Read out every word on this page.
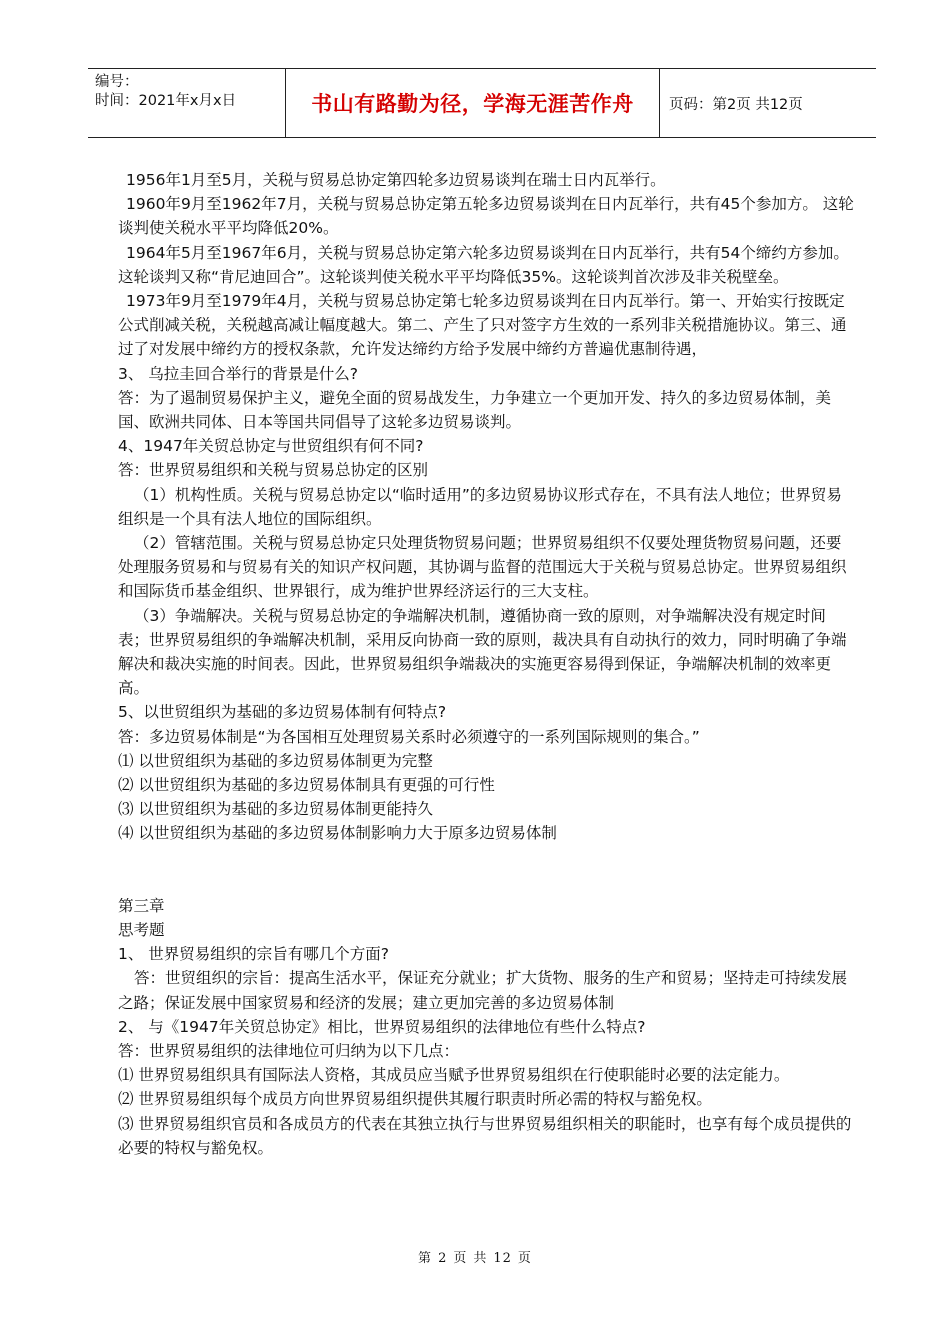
编号：
时间：2021年x月x日	书山有路勤为径，学海无涯苦作舟	页码：第2页 共12页

1956年1月至5月，关税与贸易总协定第四轮多边贸易谈判在瑞士日内瓦举行。

1960年9月至1962年7月，关税与贸易总协定第五轮多边贸易谈判在日内瓦举行，共有45个参加方。 这轮谈判使关税水平平均降低20%。

1964年5月至1967年6月，关税与贸易总协定第六轮多边贸易谈判在日内瓦举行，共有54个缔约方参加。这轮谈判又称“肯尼迪回合”。这轮谈判使关税水平平均降低35%。这轮谈判首次涉及非关税壁垒。

1973年9月至1979年4月，关税与贸易总协定第七轮多边贸易谈判在日内瓦举行。第一、开始实行按既定公式削减关税，关税越高减让幅度越大。第二、产生了只对签字方生效的一系列非关税措施协议。第三、通过了对发展中缔约方的授权条款，允许发达缔约方给予发展中缔约方普遍优惠制待遇，

3、 乌拉圭回合举行的背景是什么?

答：为了遏制贸易保护主义，避免全面的贸易战发生，力争建立一个更加开发、持久的多边贸易体制，美国、欧洲共同体、日本等国共同倡导了这轮多边贸易谈判。

4、1947年关贸总协定与世贸组织有何不同?

答：世界贸易组织和关税与贸易总协定的区别

（1）机构性质。关税与贸易总协定以“临时适用”的多边贸易协议形式存在，不具有法人地位；世界贸易组织是一个具有法人地位的国际组织。

（2）管辖范围。关税与贸易总协定只处理货物贸易问题；世界贸易组织不仅要处理货物贸易问题，还要处理服务贸易和与贸易有关的知识产权问题，其协调与监督的范围远大于关税与贸易总协定。世界贸易组织和国际货币基金组织、世界银行，成为维护世界经济运行的三大支柱。

（3）争端解决。关税与贸易总协定的争端解决机制，遵循协商一致的原则，对争端解决没有规定时间表；世界贸易组织的争端解决机制，采用反向协商一致的原则，裁决具有自动执行的效力，同时明确了争端解决和裁决实施的时间表。因此，世界贸易组织争端裁决的实施更容易得到保证，争端解决机制的效率更高。

5、以世贸组织为基础的多边贸易体制有何特点?

答：多边贸易体制是“为各国相互处理贸易关系时必须遵守的一系列国际规则的集合。”

⑴ 以世贸组织为基础的多边贸易体制更为完整

⑵ 以世贸组织为基础的多边贸易体制具有更强的可行性

⑶ 以世贸组织为基础的多边贸易体制更能持久

⑷ 以世贸组织为基础的多边贸易体制影响力大于原多边贸易体制

第三章

思考题

1、 世界贸易组织的宗旨有哪几个方面?

答：世贸组织的宗旨：提高生活水平，保证充分就业；扩大货物、服务的生产和贸易；坚持走可持续发展之路；保证发展中国家贸易和经济的发展；建立更加完善的多边贸易体制

2、 与《1947年关贸总协定》相比，世界贸易组织的法律地位有些什么特点?

答：世界贸易组织的法律地位可归纳为以下几点：

⑴ 世界贸易组织具有国际法人资格，其成员应当赋予世界贸易组织在行使职能时必要的法定能力。

⑵ 世界贸易组织每个成员方向世界贸易组织提供其履行职责时所必需的特权与豁免权。

⑶ 世界贸易组织官员和各成员方的代表在其独立执行与世界贸易组织相关的职能时，也享有每个成员提供的必要的特权与豁免权。

第 2 页 共 12 页
